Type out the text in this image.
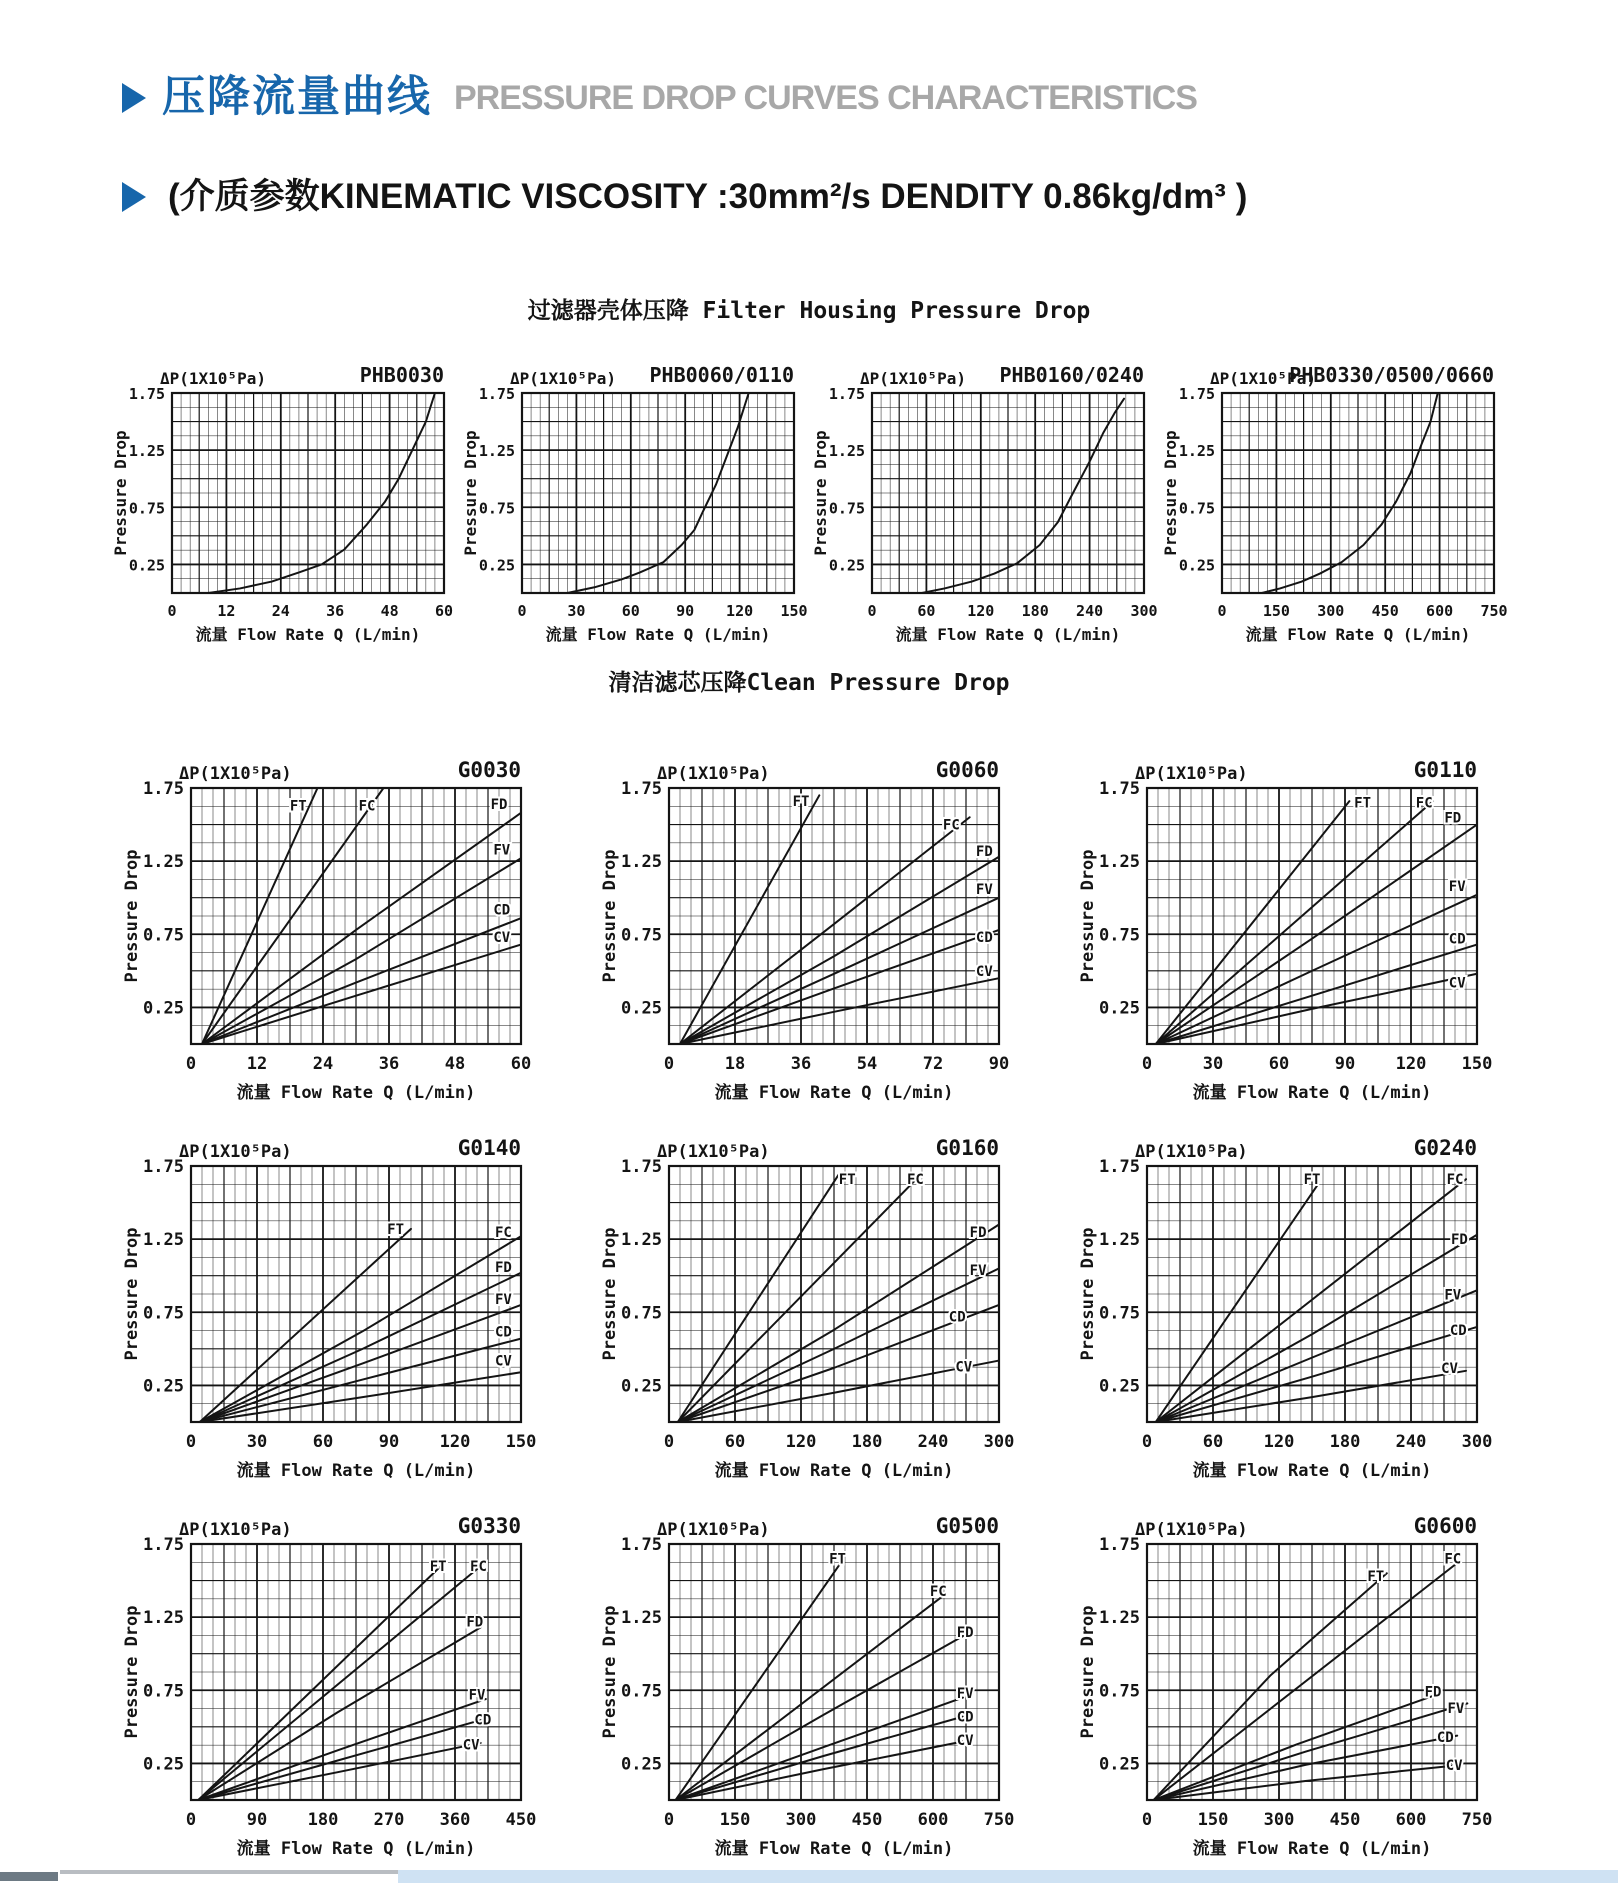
压降流量曲线 PRESSURE DROP CURVES CHARACTERISTICS
(介质参数KINEMATIC VISCOSITY :30mm²/s DENDITY 0.86kg/dm³ )
过滤器壳体压降 Filter Housing Pressure Drop
0.25
0.75
1.25
1.75
0	12 24 36 48 60
ΔP(1X10⁵Pa)	PHB0030
Pressure Drop
流量 Flow Rate Q (L/min)
0.25
0.75
1.25
1.75
0	30 60 90 120 150
ΔP(1X10⁵Pa) PHB0060/0110
Pressure Drop
流量 Flow Rate Q (L/min)
0.25
0.75
1.25
1.75
0	60 120 180 240 300
ΔP(1X10⁵Pa) PHB0160/0240
Pressure Drop
流量 Flow Rate Q (L/min)
0.25
0.75
1.25
1.75
0 150 300 450 600 750
ΔP(1X10⁵Pa)
PHB0330/0500/0660
Pressure Drop
流量 Flow Rate Q (L/min)
清洁滤芯压降Clean Pressure Drop
0.25
0.75
1.25
1.75
0	12	24	36	48	60
ΔP(1X10⁵Pa)	G0030
Pressure Drop
流量 Flow Rate Q (L/min)
FT	FC	FD
FV
CD
CV
0.25
0.75
1.25
1.75
0	18	36	54	72	90
ΔP(1X10⁵Pa)	G0060
Pressure Drop
流量 Flow Rate Q (L/min)
FT
FC
FD
FV
CD
CV
0.25
0.75
1.25
1.75
0	30	60	90 120 150
ΔP(1X10⁵Pa)	G0110
Pressure Drop
流量 Flow Rate Q (L/min)
FT	FC
FD
FV
CD
CV
0.25
0.75
1.25
1.75
0	30	60	90 120 150
ΔP(1X10⁵Pa)	G0140
Pressure Drop
流量 Flow Rate Q (L/min)
FT	FC
FD
FV
CD
CV
0.25
0.75
1.25
1.75
0	60 120 180 240 300
ΔP(1X10⁵Pa)	G0160
Pressure Drop
流量 Flow Rate Q (L/min)
FT	FC
FD
FV
CD
CV
0.25
0.75
1.25
1.75
0	60 120 180 240 300
ΔP(1X10⁵Pa)	G0240
Pressure Drop
流量 Flow Rate Q (L/min)
FT	FC
FD
FV
CD
CV
0.25
0.75
1.25
1.75
0	90 180 270 360 450
ΔP(1X10⁵Pa)	G0330
Pressure Drop
流量 Flow Rate Q (L/min)
FT FC
FD
FV
CD
CV
0.25
0.75
1.25
1.75
0	150 300 450 600 750
ΔP(1X10⁵Pa)	G0500
Pressure Drop
流量 Flow Rate Q (L/min)
FT
FC
FD
FV
CD
CV
0.25
0.75
1.25
1.75
0	150 300 450 600 750
ΔP(1X10⁵Pa)	G0600
Pressure Drop
流量 Flow Rate Q (L/min)
FT
FC
FD
FV
CD
CV
